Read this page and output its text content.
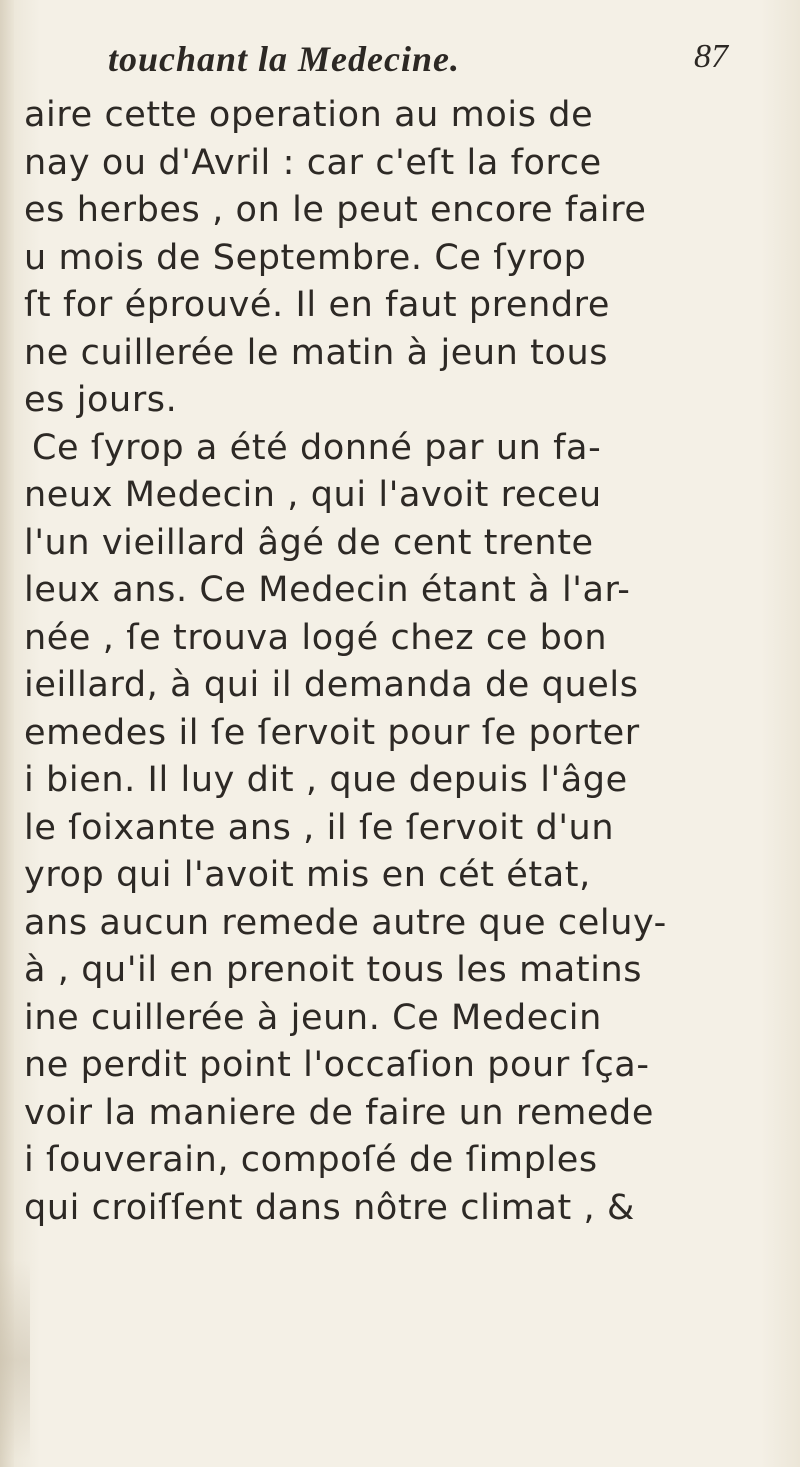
touchant la Medecine.	87
aire cette operation au mois de
nay ou d'Avril : car c'eſt la force
es herbes , on le peut encore faire
u mois de Septembre. Ce ſyrop
ſt for éprouvé. Il en faut prendre
ne cuillerée le matin à jeun tous
es jours.
Ce ſyrop a été donné par un fa-
neux Medecin , qui l'avoit receu
l'un vieillard âgé de cent trente
leux ans. Ce Medecin étant à l'ar-
née , ſe trouva logé chez ce bon
ieillard, à qui il demanda de quels
emedes il ſe ſervoit pour ſe porter
i bien. Il luy dit , que depuis l'âge
le ſoixante ans , il ſe ſervoit d'un
yrop qui l'avoit mis en cét état,
ans aucun remede autre que celuy-
à , qu'il en prenoit tous les matins
ine cuillerée à jeun. Ce Medecin
ne perdit point l'occaſion pour ſça-
voir la maniere de faire un remede
i ſouverain, compoſé de ſimples
qui croiſſent dans nôtre climat , &
